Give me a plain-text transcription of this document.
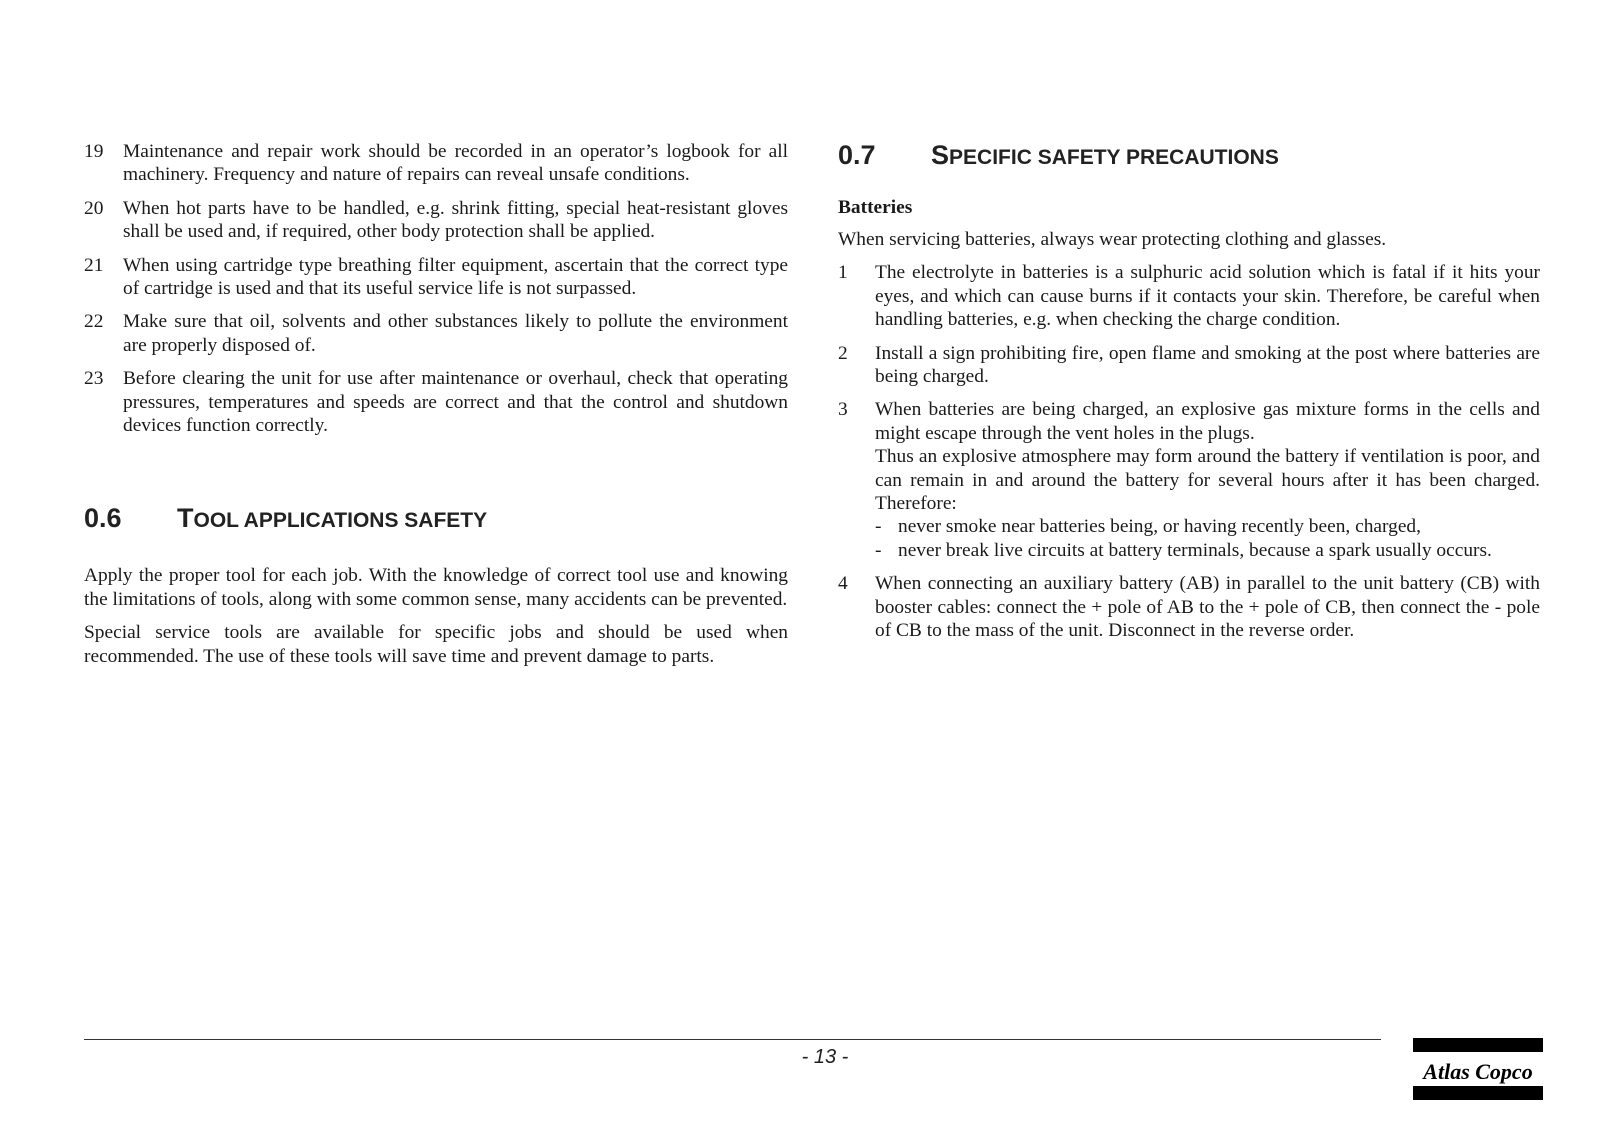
19 Maintenance and repair work should be recorded in an operator’s logbook for all machinery. Frequency and nature of repairs can reveal unsafe conditions.

20 When hot parts have to be handled, e.g. shrink fitting, special heat-resistant gloves shall be used and, if required, other body protection shall be applied.

21 When using cartridge type breathing filter equipment, ascertain that the correct type of cartridge is used and that its useful service life is not surpassed.

22 Make sure that oil, solvents and other substances likely to pollute the environment are properly disposed of.

23 Before clearing the unit for use after maintenance or overhaul, check that operating pressures, temperatures and speeds are correct and that the control and shutdown devices function correctly.

0.6	TOOL APPLICATIONS SAFETY

Apply the proper tool for each job. With the knowledge of correct tool use and knowing the limitations of tools, along with some common sense, many accidents can be prevented.

Special service tools are available for specific jobs and should be used when recommended. The use of these tools will save time and prevent damage to parts.

0.7	SPECIFIC SAFETY PRECAUTIONS

Batteries

When servicing batteries, always wear protecting clothing and glasses.

1 The electrolyte in batteries is a sulphuric acid solution which is fatal if it hits your eyes, and which can cause burns if it contacts your skin. Therefore, be careful when handling batteries, e.g. when checking the charge condition.

2 Install a sign prohibiting fire, open flame and smoking at the post where batteries are being charged.

3 When batteries are being charged, an explosive gas mixture forms in the cells and might escape through the vent holes in the plugs.

Thus an explosive atmosphere may form around the battery if ventilation is poor, and can remain in and around the battery for several hours after it has been charged. Therefore:

- never smoke near batteries being, or having recently been, charged,
- never break live circuits at battery terminals, because a spark usually occurs.
4 When connecting an auxiliary battery (AB) in parallel to the unit battery (CB) with booster cables: connect the + pole of AB to the + pole of CB, then connect the - pole of CB to the mass of the unit. Disconnect in the reverse order.

- 13 -
Atlas Copco
